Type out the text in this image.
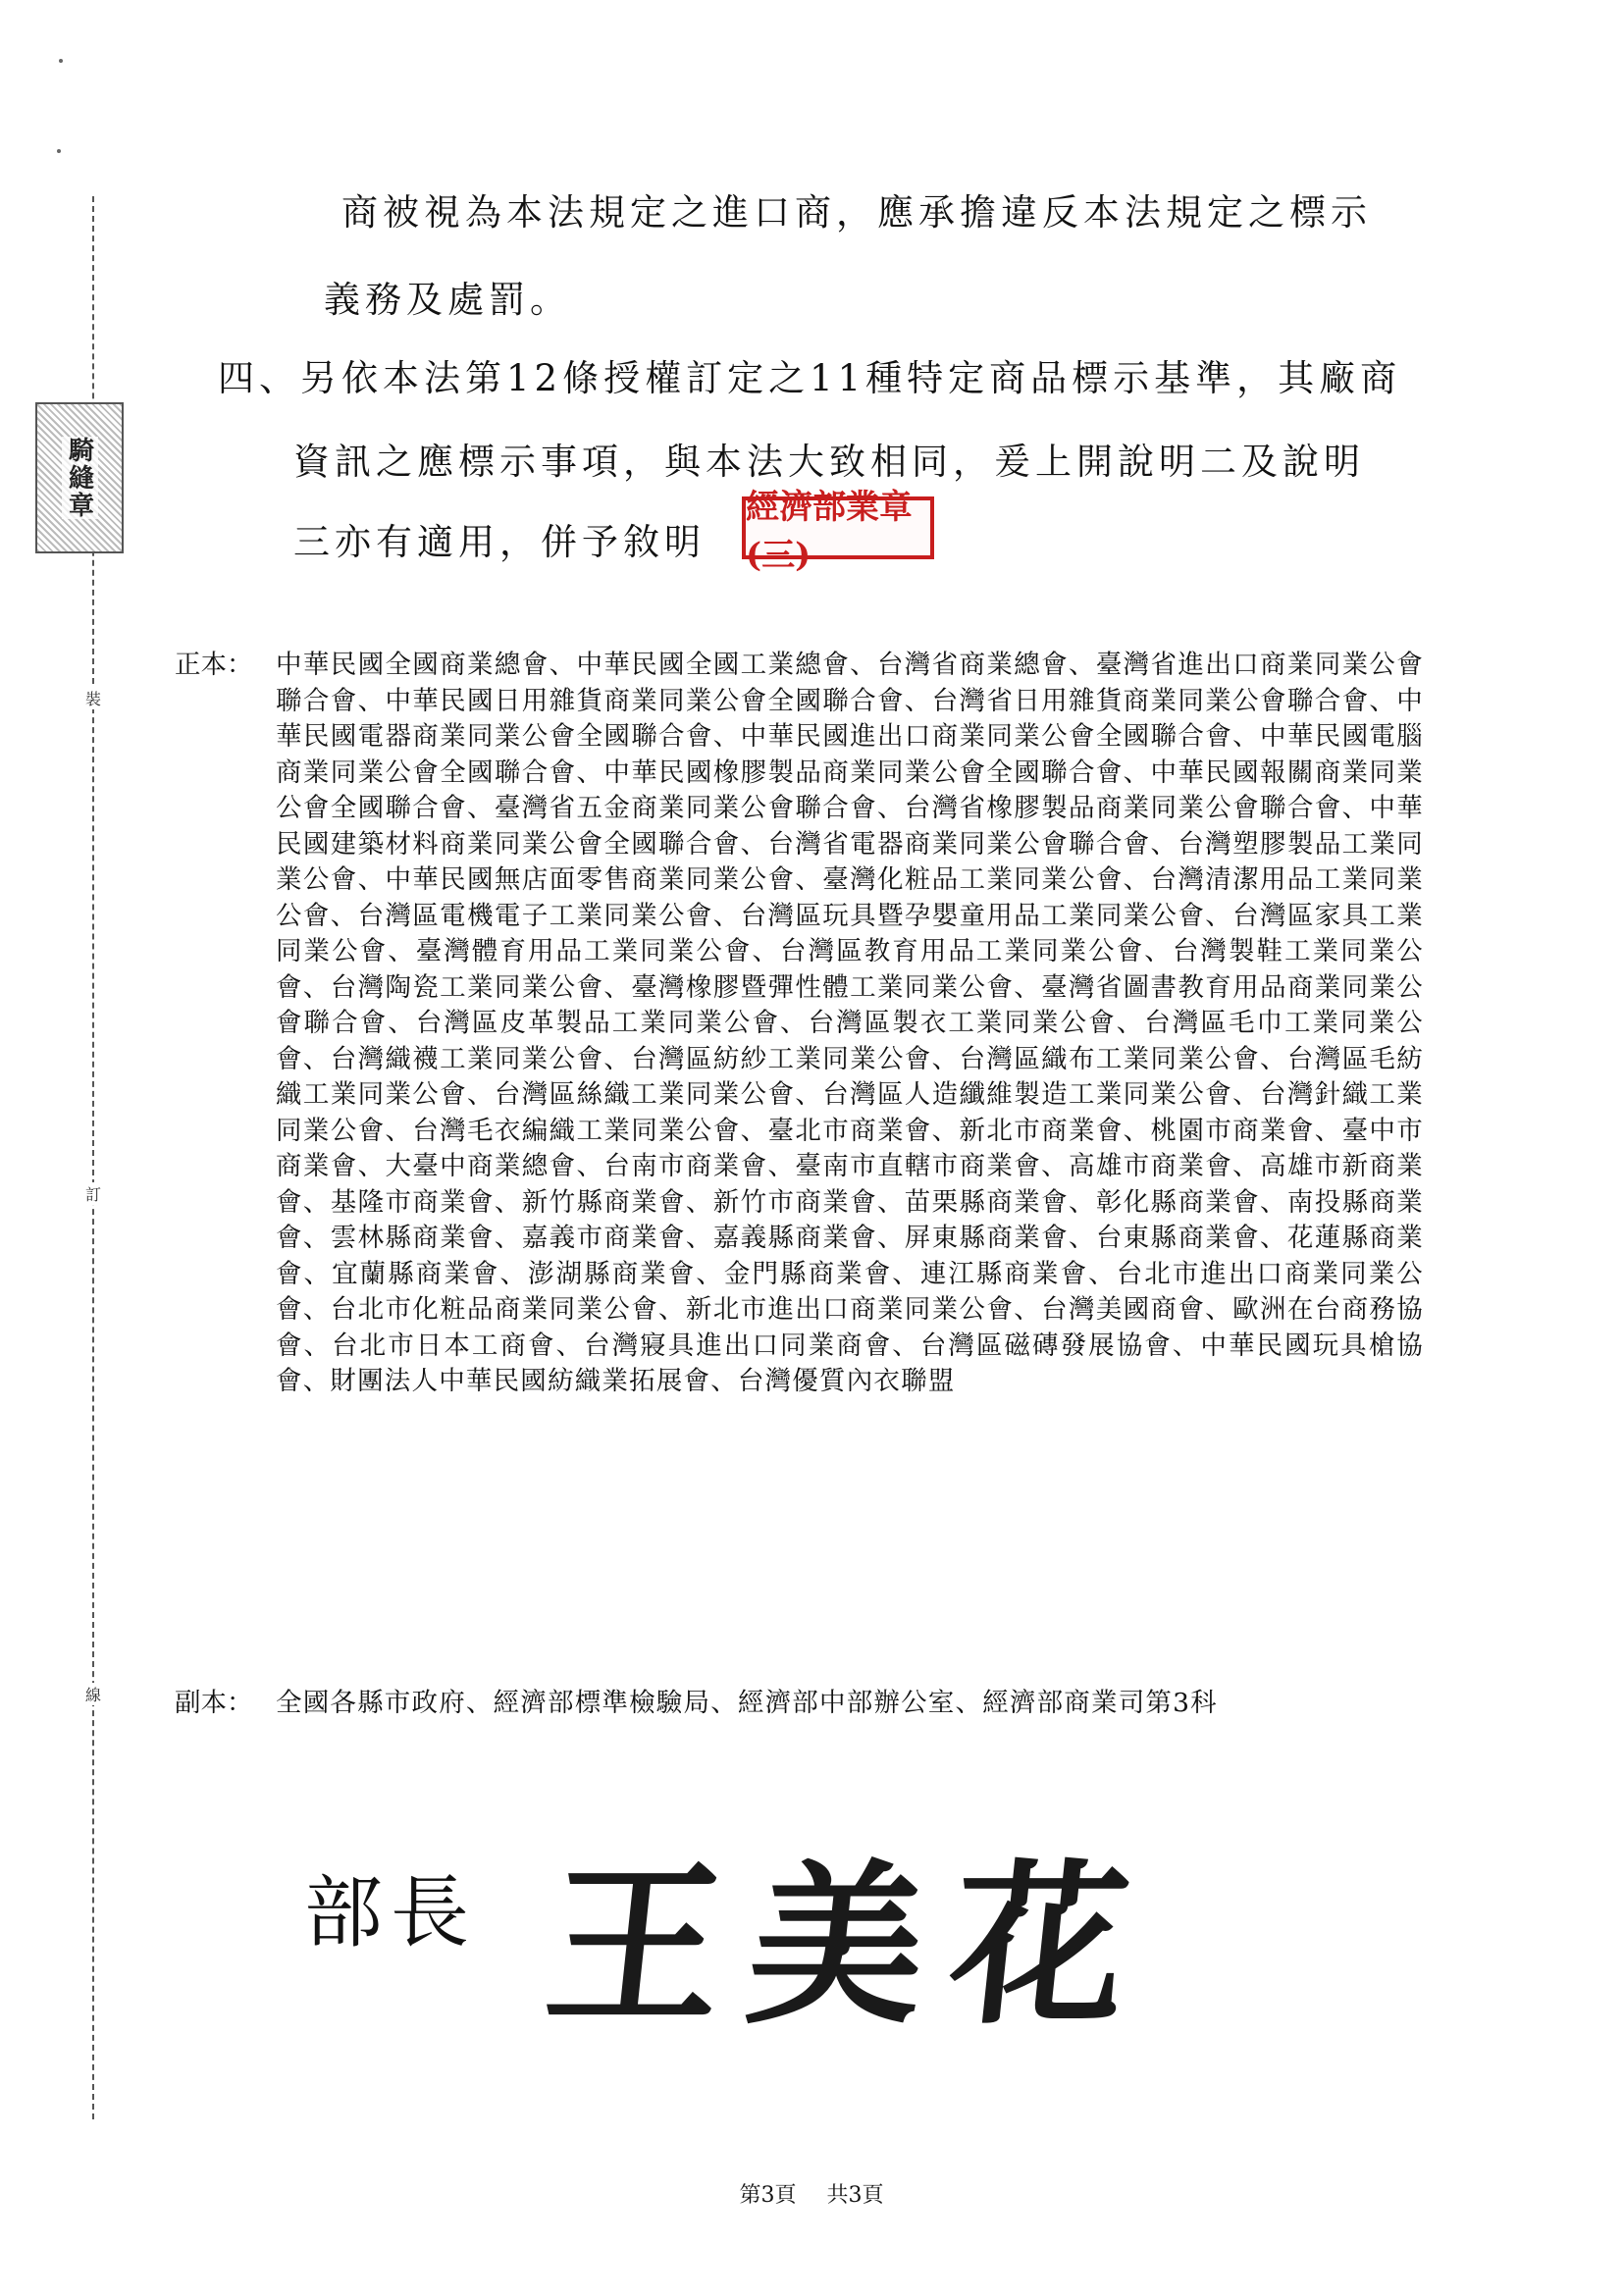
裝
訂
線
騎縫章
商被視為本法規定之進口商，應承擔違反本法規定之標示
義務及處罰。
四、另依本法第12條授權訂定之11種特定商品標示基準，其廠商
資訊之應標示事項，與本法大致相同，爰上開說明二及說明
三亦有適用，併予敘明
經濟部業章(三)
正本： 中華民國全國商業總會、中華民國全國工業總會、台灣省商業總會、臺灣省進出口商業同業公會聯合會、中華民國日用雜貨商業同業公會全國聯合會、台灣省日用雜貨商業同業公會聯合會、中華民國電器商業同業公會全國聯合會、中華民國進出口商業同業公會全國聯合會、中華民國電腦商業同業公會全國聯合會、中華民國橡膠製品商業同業公會全國聯合會、中華民國報關商業同業公會全國聯合會、臺灣省五金商業同業公會聯合會、台灣省橡膠製品商業同業公會聯合會、中華民國建築材料商業同業公會全國聯合會、台灣省電器商業同業公會聯合會、台灣塑膠製品工業同業公會、中華民國無店面零售商業同業公會、臺灣化粧品工業同業公會、台灣清潔用品工業同業公會、台灣區電機電子工業同業公會、台灣區玩具暨孕嬰童用品工業同業公會、台灣區家具工業同業公會、臺灣體育用品工業同業公會、台灣區教育用品工業同業公會、台灣製鞋工業同業公會、台灣陶瓷工業同業公會、臺灣橡膠暨彈性體工業同業公會、臺灣省圖書教育用品商業同業公會聯合會、台灣區皮革製品工業同業公會、台灣區製衣工業同業公會、台灣區毛巾工業同業公會、台灣織襪工業同業公會、台灣區紡紗工業同業公會、台灣區織布工業同業公會、台灣區毛紡織工業同業公會、台灣區絲織工業同業公會、台灣區人造纖維製造工業同業公會、台灣針織工業同業公會、台灣毛衣編織工業同業公會、臺北市商業會、新北市商業會、桃園市商業會、臺中市商業會、大臺中商業總會、台南市商業會、臺南市直轄市商業會、高雄市商業會、高雄市新商業會、基隆市商業會、新竹縣商業會、新竹市商業會、苗栗縣商業會、彰化縣商業會、南投縣商業會、雲林縣商業會、嘉義市商業會、嘉義縣商業會、屏東縣商業會、台東縣商業會、花蓮縣商業會、宜蘭縣商業會、澎湖縣商業會、金門縣商業會、連江縣商業會、台北市進出口商業同業公會、台北市化粧品商業同業公會、新北市進出口商業同業公會、台灣美國商會、歐洲在台商務協會、台北市日本工商會、台灣寢具進出口同業商會、台灣區磁磚發展協會、中華民國玩具槍協會、財團法人中華民國紡織業拓展會、台灣優質內衣聯盟
副本： 全國各縣市政府、經濟部標準檢驗局、經濟部中部辦公室、經濟部商業司第3科
部長 王美花
第3頁 共3頁
